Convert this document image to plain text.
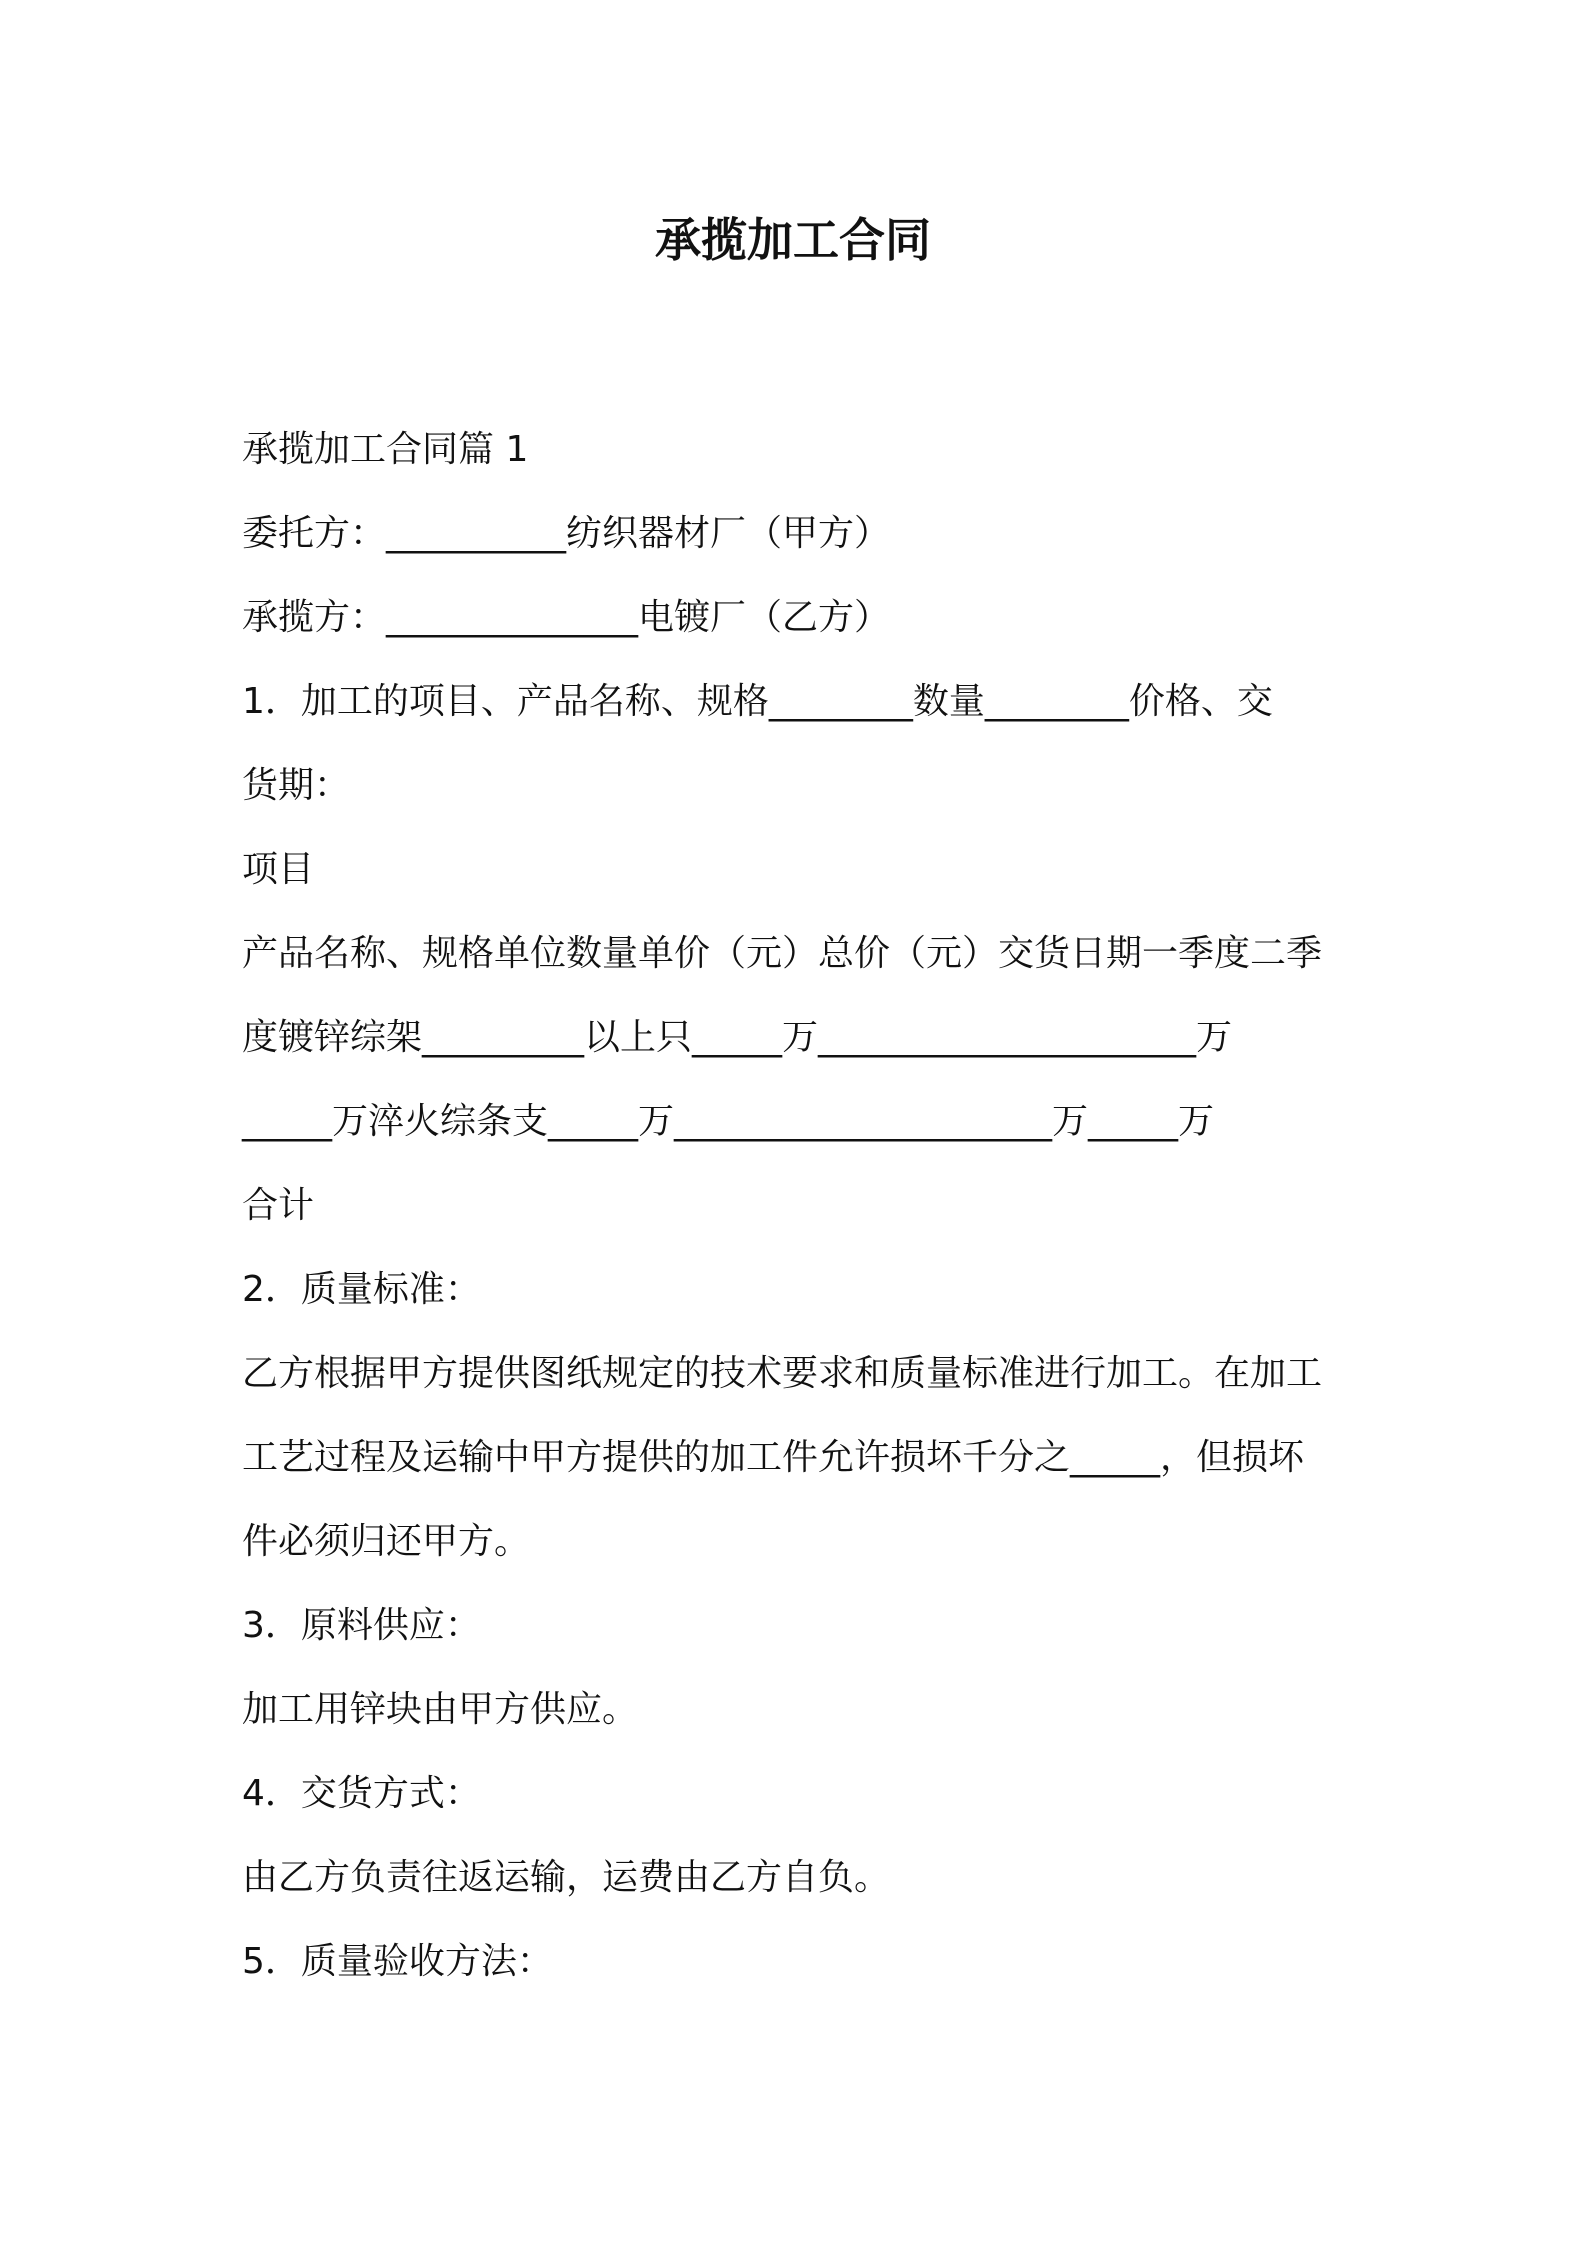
承揽加工合同

承揽加工合同篇 1

委托方：__________纺织器材厂（甲方）

承揽方：______________电镀厂（乙方）

1．加工的项目、产品名称、规格________数量________价格、交

货期：

项目

产品名称、规格单位数量单价（元）总价（元）交货日期一季度二季

度镀锌综架_________以上只_____万_____________________万

_____万淬火综条支_____万_____________________万_____万

合计

2．质量标准：

乙方根据甲方提供图纸规定的技术要求和质量标准进行加工。在加工

工艺过程及运输中甲方提供的加工件允许损坏千分之_____，但损坏

件必须归还甲方。

3．原料供应：

加工用锌块由甲方供应。

4．交货方式：

由乙方负责往返运输，运费由乙方自负。

5．质量验收方法：
